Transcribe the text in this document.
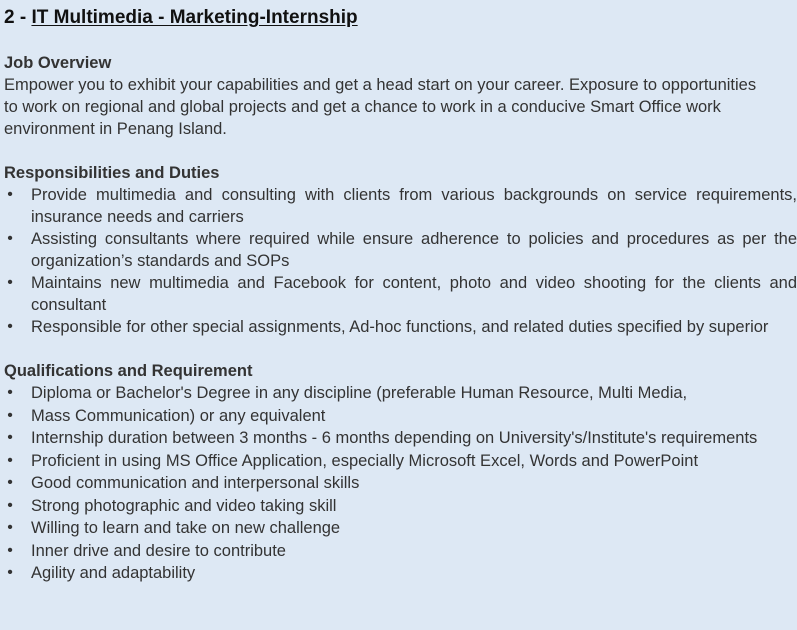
2 - IT Multimedia - Marketing-Internship
Job Overview

Empower you to exhibit your capabilities and get a head start on your career. Exposure to opportunities to work on regional and global projects and get a chance to work in a conducive Smart Office work environment in Penang Island.

Responsibilities and Duties
• Provide multimedia and consulting with clients from various backgrounds on service requirements, insurance needs and carriers
• Assisting consultants where required while ensure adherence to policies and procedures as per the organization’s standards and SOPs
• Maintains new multimedia and Facebook for content, photo and video shooting for the clients and consultant
• Responsible for other special assignments, Ad-hoc functions, and related duties specified by superior
Qualifications and Requirement
• Diploma or Bachelor's Degree in any discipline (preferable Human Resource, Multi Media,
• Mass Communication) or any equivalent
• Internship duration between 3 months - 6 months depending on University's/Institute's requirements
• Proficient in using MS Office Application, especially Microsoft Excel, Words and PowerPoint
• Good communication and interpersonal skills
• Strong photographic and video taking skill
• Willing to learn and take on new challenge
• Inner drive and desire to contribute
• Agility and adaptability
